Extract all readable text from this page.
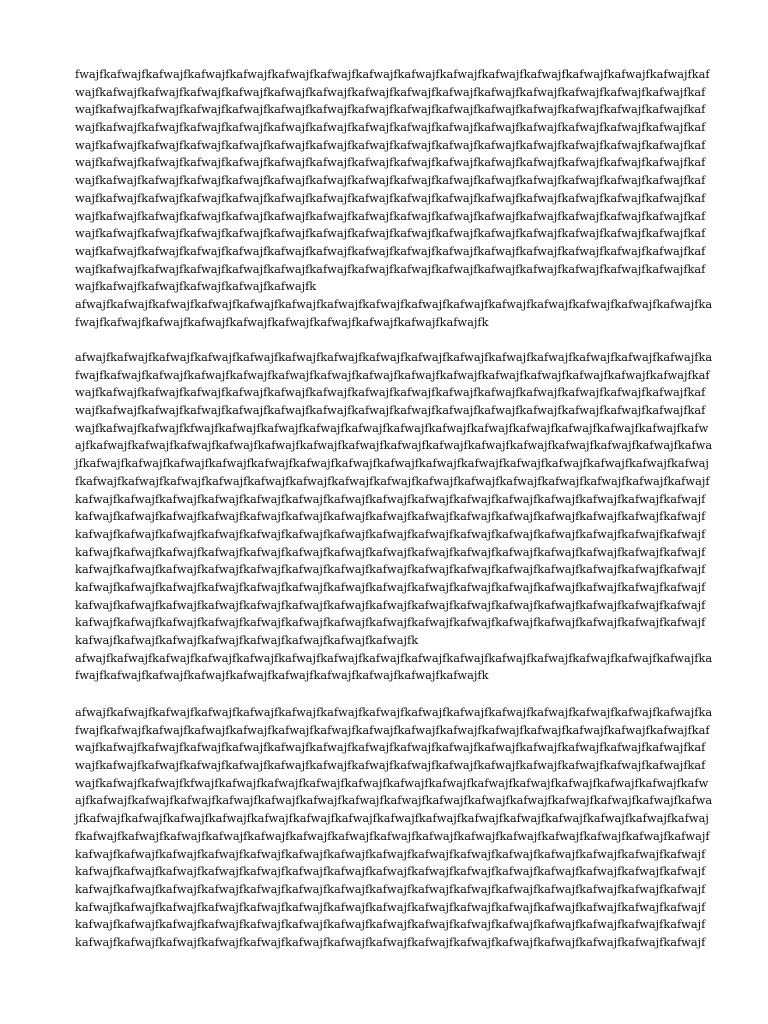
fwajfkafwajfkafwajfkafwajfkafwajfkafwajfkafwajfkafwajfkafwajfkafwajfkafwajfkafwajfkafwajfkafwajfkafwajfkaf
wajfkafwajfkafwajfkafwajfkafwajfkafwajfkafwajfkafwajfkafwajfkafwajfkafwajfkafwajfkafwajfkafwajfkafwajfkaf
wajfkafwajfkafwajfkafwajfkafwajfkafwajfkafwajfkafwajfkafwajfkafwajfkafwajfkafwajfkafwajfkafwajfkafwajfkaf
wajfkafwajfkafwajfkafwajfkafwajfkafwajfkafwajfkafwajfkafwajfkafwajfkafwajfkafwajfkafwajfkafwajfkafwajfkaf
wajfkafwajfkafwajfkafwajfkafwajfkafwajfkafwajfkafwajfkafwajfkafwajfkafwajfkafwajfkafwajfkafwajfkafwajfkaf
wajfkafwajfkafwajfkafwajfkafwajfkafwajfkafwajfkafwajfkafwajfkafwajfkafwajfkafwajfkafwajfkafwajfkafwajfkaf
wajfkafwajfkafwajfkafwajfkafwajfkafwajfkafwajfkafwajfkafwajfkafwajfkafwajfkafwajfkafwajfkafwajfkafwajfkaf
wajfkafwajfkafwajfkafwajfkafwajfkafwajfkafwajfkafwajfkafwajfkafwajfkafwajfkafwajfkafwajfkafwajfkafwajfkaf
wajfkafwajfkafwajfkafwajfkafwajfkafwajfkafwajfkafwajfkafwajfkafwajfkafwajfkafwajfkafwajfkafwajfkafwajfkaf
wajfkafwajfkafwajfkafwajfkafwajfkafwajfkafwajfkafwajfkafwajfkafwajfkafwajfkafwajfkafwajfkafwajfkafwajfkaf
wajfkafwajfkafwajfkafwajfkafwajfkafwajfkafwajfkafwajfkafwajfkafwajfkafwajfkafwajfkafwajfkafwajfkafwajfkaf
wajfkafwajfkafwajfkafwajfkafwajfkafwajfkafwajfkafwajfkafwajfkafwajfkafwajfkafwajfkafwajfkafwajfkafwajfkaf
wajfkafwajfkafwajfkafwajfkafwajfkafwajfk
afwajfkafwajfkafwajfkafwajfkafwajfkafwajfkafwajfkafwajfkafwajfkafwajfkafwajfkafwajfkafwajfkafwajfkafwajfka
fwajfkafwajfkafwajfkafwajfkafwajfkafwajfkafwajfkafwajfkafwajfkafwajfk
afwajfkafwajfkafwajfkafwajfkafwajfkafwajfkafwajfkafwajfkafwajfkafwajfkafwajfkafwajfkafwajfkafwajfkafwajfka
fwajfkafwajfkafwajfkafwajfkafwajfkafwajfkafwajfkafwajfkafwajfkafwajfkafwajfkafwajfkafwajfkafwajfkafwajfkaf
wajfkafwajfkafwajfkafwajfkafwajfkafwajfkafwajfkafwajfkafwajfkafwajfkafwajfkafwajfkafwajfkafwajfkafwajfkaf
wajfkafwajfkafwajfkafwajfkafwajfkafwajfkafwajfkafwajfkafwajfkafwajfkafwajfkafwajfkafwajfkafwajfkafwajfkaf
wajfkafwajfkafwajfkfwajfkafwajfkafwajfkafwajfkafwajfkafwajfkafwajfkafwajfkafwajfkafwajfkafwajfkafwajfkafw
ajfkafwajfkafwajfkafwajfkafwajfkafwajfkafwajfkafwajfkafwajfkafwajfkafwajfkafwajfkafwajfkafwajfkafwajfkafwa
jfkafwajfkafwajfkafwajfkafwajfkafwajfkafwajfkafwajfkafwajfkafwajfkafwajfkafwajfkafwajfkafwajfkafwajfkafwaj
fkafwajfkafwajfkafwajfkafwajfkafwajfkafwajfkafwajfkafwajfkafwajfkafwajfkafwajfkafwajfkafwajfkafwajfkafwajf
kafwajfkafwajfkafwajfkafwajfkafwajfkafwajfkafwajfkafwajfkafwajfkafwajfkafwajfkafwajfkafwajfkafwajfkafwajf
kafwajfkafwajfkafwajfkafwajfkafwajfkafwajfkafwajfkafwajfkafwajfkafwajfkafwajfkafwajfkafwajfkafwajfkafwajf
kafwajfkafwajfkafwajfkafwajfkafwajfkafwajfkafwajfkafwajfkafwajfkafwajfkafwajfkafwajfkafwajfkafwajfkafwajf
kafwajfkafwajfkafwajfkafwajfkafwajfkafwajfkafwajfkafwajfkafwajfkafwajfkafwajfkafwajfkafwajfkafwajfkafwajf
kafwajfkafwajfkafwajfkafwajfkafwajfkafwajfkafwajfkafwajfkafwajfkafwajfkafwajfkafwajfkafwajfkafwajfkafwajf
kafwajfkafwajfkafwajfkafwajfkafwajfkafwajfkafwajfkafwajfkafwajfkafwajfkafwajfkafwajfkafwajfkafwajfkafwajf
kafwajfkafwajfkafwajfkafwajfkafwajfkafwajfkafwajfkafwajfkafwajfkafwajfkafwajfkafwajfkafwajfkafwajfkafwajf
kafwajfkafwajfkafwajfkafwajfkafwajfkafwajfkafwajfkafwajfkafwajfkafwajfkafwajfkafwajfkafwajfkafwajfkafwajf
kafwajfkafwajfkafwajfkafwajfkafwajfkafwajfkafwajfkafwajfk
afwajfkafwajfkafwajfkafwajfkafwajfkafwajfkafwajfkafwajfkafwajfkafwajfkafwajfkafwajfkafwajfkafwajfkafwajfka
fwajfkafwajfkafwajfkafwajfkafwajfkafwajfkafwajfkafwajfkafwajfkafwajfk
afwajfkafwajfkafwajfkafwajfkafwajfkafwajfkafwajfkafwajfkafwajfkafwajfkafwajfkafwajfkafwajfkafwajfkafwajfka
fwajfkafwajfkafwajfkafwajfkafwajfkafwajfkafwajfkafwajfkafwajfkafwajfkafwajfkafwajfkafwajfkafwajfkafwajfkaf
wajfkafwajfkafwajfkafwajfkafwajfkafwajfkafwajfkafwajfkafwajfkafwajfkafwajfkafwajfkafwajfkafwajfkafwajfkaf
wajfkafwajfkafwajfkafwajfkafwajfkafwajfkafwajfkafwajfkafwajfkafwajfkafwajfkafwajfkafwajfkafwajfkafwajfkaf
wajfkafwajfkafwajfkfwajfkafwajfkafwajfkafwajfkafwajfkafwajfkafwajfkafwajfkafwajfkafwajfkafwajfkafwajfkafw
ajfkafwajfkafwajfkafwajfkafwajfkafwajfkafwajfkafwajfkafwajfkafwajfkafwajfkafwajfkafwajfkafwajfkafwajfkafwa
jfkafwajfkafwajfkafwajfkafwajfkafwajfkafwajfkafwajfkafwajfkafwajfkafwajfkafwajfkafwajfkafwajfkafwajfkafwaj
fkafwajfkafwajfkafwajfkafwajfkafwajfkafwajfkafwajfkafwajfkafwajfkafwajfkafwajfkafwajfkafwajfkafwajfkafwajf
kafwajfkafwajfkafwajfkafwajfkafwajfkafwajfkafwajfkafwajfkafwajfkafwajfkafwajfkafwajfkafwajfkafwajfkafwajf
kafwajfkafwajfkafwajfkafwajfkafwajfkafwajfkafwajfkafwajfkafwajfkafwajfkafwajfkafwajfkafwajfkafwajfkafwajf
kafwajfkafwajfkafwajfkafwajfkafwajfkafwajfkafwajfkafwajfkafwajfkafwajfkafwajfkafwajfkafwajfkafwajfkafwajf
kafwajfkafwajfkafwajfkafwajfkafwajfkafwajfkafwajfkafwajfkafwajfkafwajfkafwajfkafwajfkafwajfkafwajfkafwajf
kafwajfkafwajfkafwajfkafwajfkafwajfkafwajfkafwajfkafwajfkafwajfkafwajfkafwajfkafwajfkafwajfkafwajfkafwajf
kafwajfkafwajfkafwajfkafwajfkafwajfkafwajfkafwajfkafwajfkafwajfkafwajfkafwajfkafwajfkafwajfkafwajfkafwajf
